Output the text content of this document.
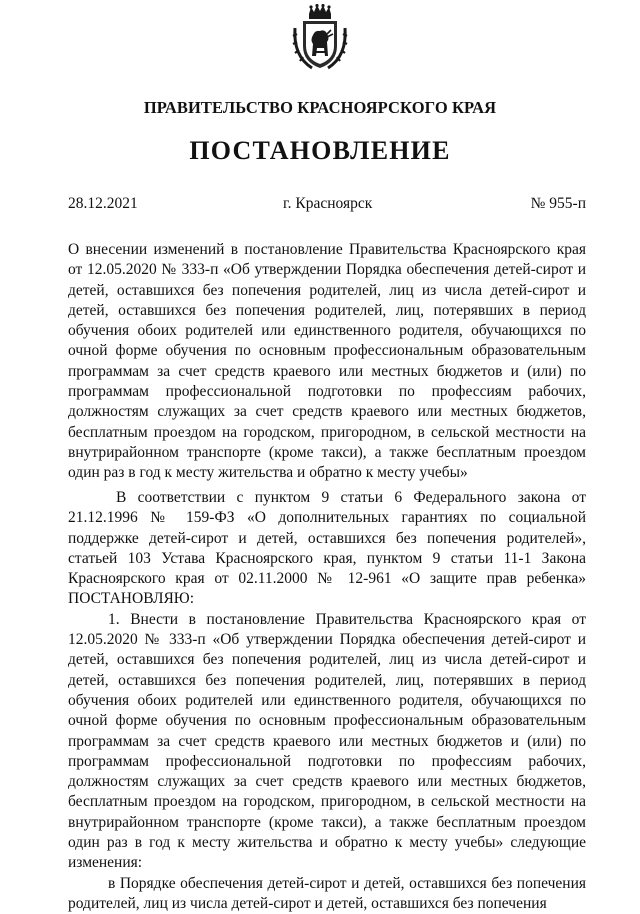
ПРАВИТЕЛЬСТВО КРАСНОЯРСКОГО КРАЯ
ПОСТАНОВЛЕНИЕ
28.12.2021	г. Красноярск	№ 955-п

О внесении изменений в постановление Правительства Красноярского края от 12.05.2020 № 333-п «Об утверждении Порядка обеспечения детей-сирот и детей, оставшихся без попечения родителей, лиц из числа детей-сирот и детей, оставшихся без попечения родителей, лиц, потерявших в период обучения обоих родителей или единственного родителя, обучающихся по очной форме обучения по основным профессиональным образовательным программам за счет средств краевого или местных бюджетов и (или) по программам профессиональной подготовки по профессиям рабочих, должностям служащих за счет средств краевого или местных бюджетов, бесплатным проездом на городском, пригородном, в сельской местности на внутрирайонном транспорте (кроме такси), а также бесплатным проездом один раз в год к месту жительства и обратно к месту учебы»

В соответствии с пунктом 9 статьи 6 Федерального закона от 21.12.1996 № 159-ФЗ «О дополнительных гарантиях по социальной поддержке детей-сирот и детей, оставшихся без попечения родителей», статьей 103 Устава Красноярского края, пунктом 9 статьи 11-1 Закона Красноярского края от 02.11.2000 № 12-961 «О защите прав ребенка» ПОСТАНОВЛЯЮ:

1. Внести в постановление Правительства Красноярского края от 12.05.2020 № 333-п «Об утверждении Порядка обеспечения детей-сирот и детей, оставшихся без попечения родителей, лиц из числа детей-сирот и детей, оставшихся без попечения родителей, лиц, потерявших в период обучения обоих родителей или единственного родителя, обучающихся по очной форме обучения по основным профессиональным образовательным программам за счет средств краевого или местных бюджетов и (или) по программам профессиональной подготовки по профессиям рабочих, должностям служащих за счет средств краевого или местных бюджетов, бесплатным проездом на городском, пригородном, в сельской местности на внутрирайонном транспорте (кроме такси), а также бесплатным проездом один раз в год к месту жительства и обратно к месту учебы» следующие изменения:

в Порядке обеспечения детей-сирот и детей, оставшихся без попечения родителей, лиц из числа детей-сирот и детей, оставшихся без попечения
